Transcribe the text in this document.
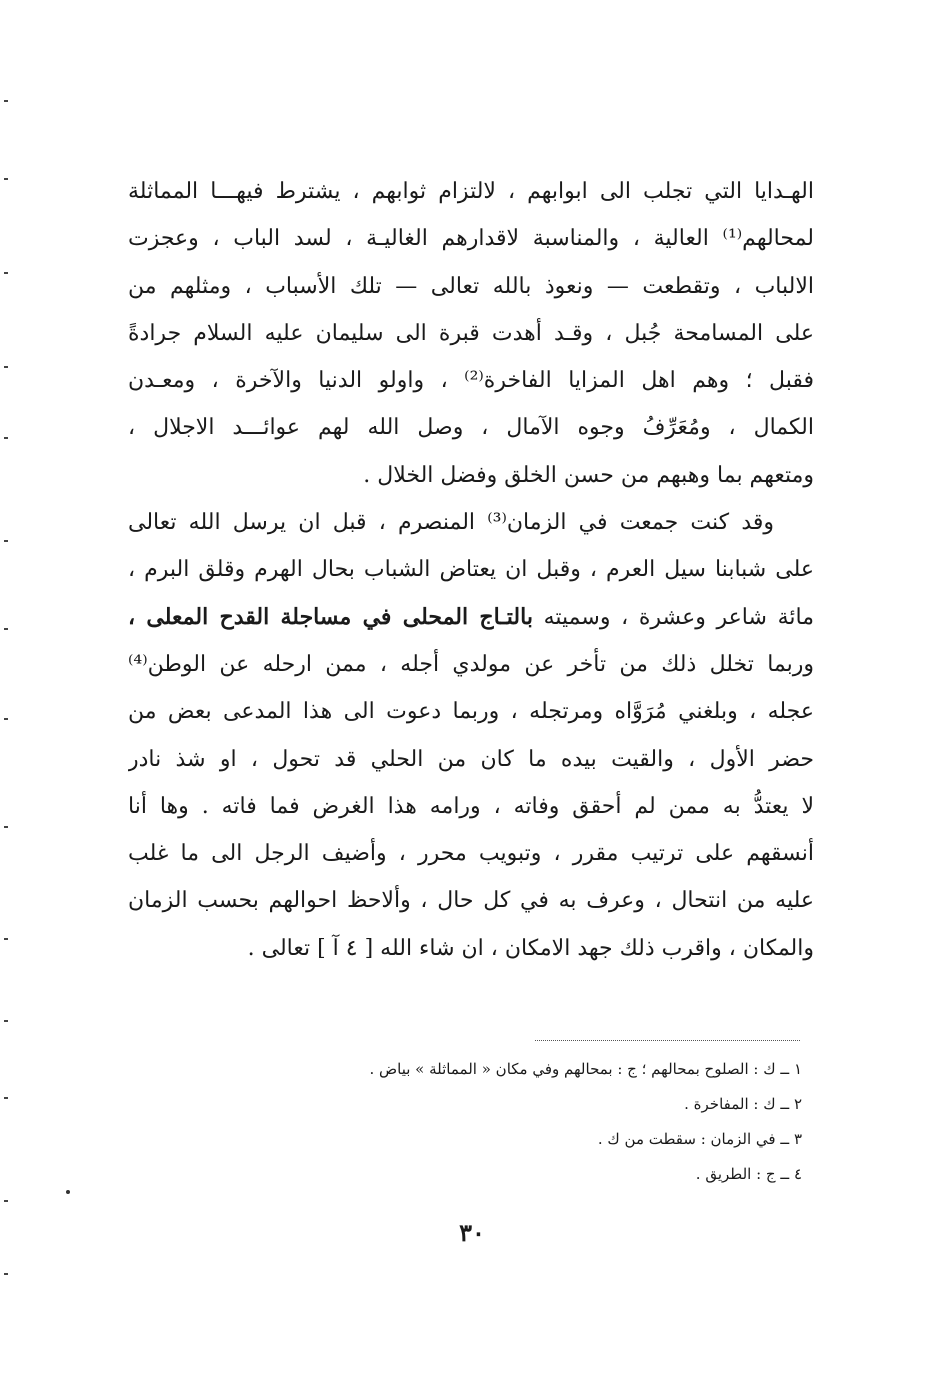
الهـدايا التي تجلب الى ابوابهم ، لالتزام ثوابهم ، يشترط فيهـــا المماثلة
لمحالهم⁽¹⁾ العالية ، والمناسبة لاقدارهم الغاليـة ، لسد الباب ، وعجزت
الالباب ، وتقطعت — ونعوذ بالله تعالى — تلك الأسباب ، ومثلهم من
على المسامحة جُبل ، وقـد أهدت قبرة الى سليمان عليه السلام جرادةً
فقبل ؛ وهم اهل المزايا الفاخرة⁽²⁾ ، واولو الدنيا والآخرة ، ومعـدن
الكمال ، ومُعَرِّفُ وجوه الآمال ، وصل الله لهم عوائـــد الاجلال ،
ومتعهم بما وهبهم من حسن الخلق وفضل الخلال .
وقد كنت جمعت في الزمان⁽³⁾ المنصرم ، قبل ان يرسل الله تعالى
على شبابنا سيل العرم ، وقبل ان يعتاض الشباب بحال الهرم وقلق البرم ،
مائة شاعر وعشرة ، وسميته بالتـاج المحلى في مساجلة القدح المعلى ،
وربما تخلل ذلك من تأخر عن مولدي أجله ، ممن ارحله عن الوطن⁽⁴⁾
عجله ، وبلغني مُرَوَّاه ومرتجله ، وربما دعوت الى هذا المدعى بعض من
حضر الأول ، والقيت بيده ما كان من الحلي قد تحول ، او شذ نادر
لا يعتدُّ به ممن لم أحقق وفاته ، ورامه هذا الغرض فما فاته . وها أنا
أنسقهم على ترتيب مقرر ، وتبويب محرر ، وأضيف الرجل الى ما غلب
عليه من انتحال ، وعرف به في كل حال ، وألاحظ احوالهم بحسب الزمان
والمكان ، واقرب ذلك جهد الامكان ، ان شاء الله [ ٤ آ ] تعالى .
١ ــ ك : الصلوح بمحالهم ؛ ج : بمحالهم وفي مكان « المماثلة » بياض .
٢ ــ ك : المفاخرة .
٣ ــ في الزمان : سقطت من ك .
٤ ــ ج : الطريق .
٣٠
